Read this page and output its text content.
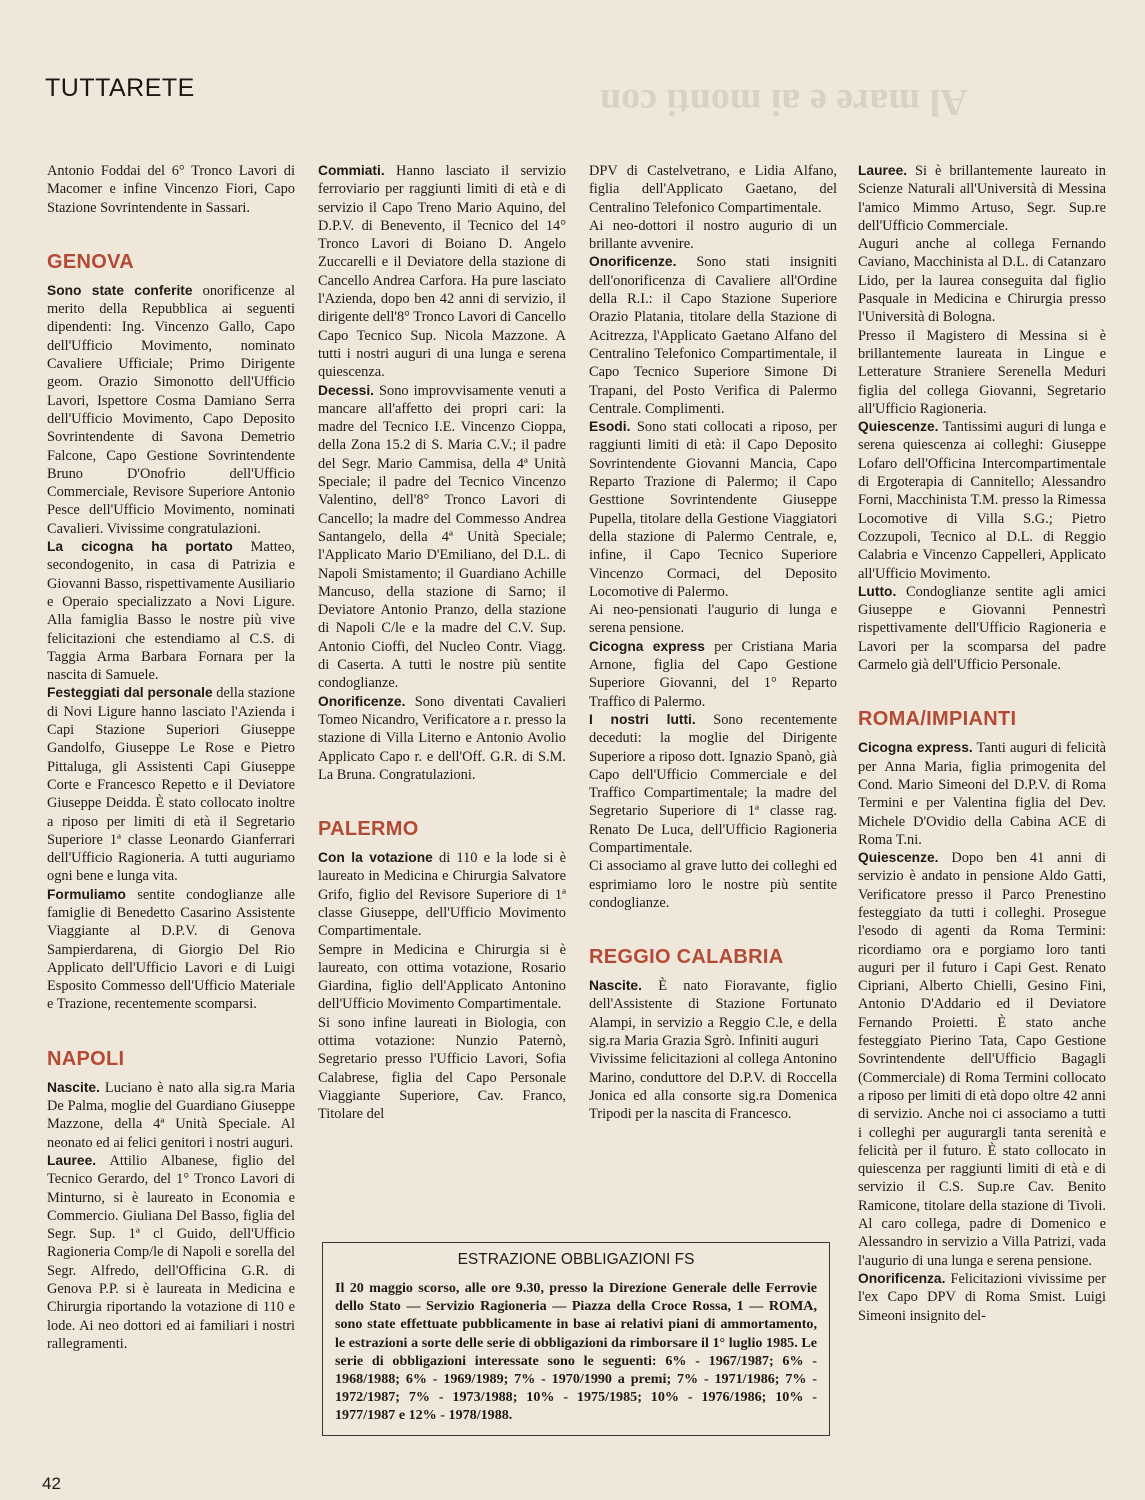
Al mare e ai monti con
TUTTARETE

Antonio Foddai del 6° Tronco Lavori di Macomer e infine Vincenzo Fiori, Capo Stazione Sovrintendente in Sassari.

GENOVA

Sono state conferite onorificenze al merito della Repubblica ai seguenti dipendenti: Ing. Vincenzo Gallo, Capo dell'Ufficio Movimento, nominato Cavaliere Ufficiale; Primo Dirigente geom. Orazio Simonotto dell'Ufficio Lavori, Ispettore Cosma Damiano Serra dell'Ufficio Movimento, Capo Deposito Sovrintendente di Savona Demetrio Falcone, Capo Gestione Sovrintendente Bruno D'Onofrio dell'Ufficio Commerciale, Revisore Superiore Antonio Pesce dell'Ufficio Movimento, nominati Cavalieri. Vivissime congratulazioni.

La cicogna ha portato Matteo, secondogenito, in casa di Patrizia e Giovanni Basso, rispettivamente Ausiliario e Operaio specializzato a Novi Ligure. Alla famiglia Basso le nostre più vive felicitazioni che estendiamo al C.S. di Taggia Arma Barbara Fornara per la nascita di Samuele.

Festeggiati dal personale della stazione di Novi Ligure hanno lasciato l'Azienda i Capi Stazione Superiori Giuseppe Gandolfo, Giuseppe Le Rose e Pietro Pittaluga, gli Assistenti Capi Giuseppe Corte e Francesco Repetto e il Deviatore Giuseppe Deidda. È stato collocato inoltre a riposo per limiti di età il Segretario Superiore 1ª classe Leonardo Gianferrari dell'Ufficio Ragioneria. A tutti auguriamo ogni bene e lunga vita.

Formuliamo sentite condoglianze alle famiglie di Benedetto Casarino Assistente Viaggiante al D.P.V. di Genova Sampierdarena, di Giorgio Del Rio Applicato dell'Ufficio Lavori e di Luigi Esposito Commesso dell'Ufficio Materiale e Trazione, recentemente scomparsi.

NAPOLI

Nascite. Luciano è nato alla sig.ra Maria De Palma, moglie del Guardiano Giuseppe Mazzone, della 4ª Unità Speciale. Al neonato ed ai felici genitori i nostri auguri.

Lauree. Attilio Albanese, figlio del Tecnico Gerardo, del 1° Tronco Lavori di Minturno, si è laureato in Economia e Commercio. Giuliana Del Basso, figlia del Segr. Sup. 1ª cl Guido, dell'Ufficio Ragioneria Comp/le di Napoli e sorella del Segr. Alfredo, dell'Officina G.R. di Genova P.P. si è laureata in Medicina e Chirurgia riportando la votazione di 110 e lode. Ai neo dottori ed ai familiari i nostri rallegramenti.

Commiati. Hanno lasciato il servizio ferroviario per raggiunti limiti di età e di servizio il Capo Treno Mario Aquino, del D.P.V. di Benevento, il Tecnico del 14° Tronco Lavori di Boiano D. Angelo Zuccarelli e il Deviatore della stazione di Cancello Andrea Carfora. Ha pure lasciato l'Azienda, dopo ben 42 anni di servizio, il dirigente dell'8° Tronco Lavori di Cancello Capo Tecnico Sup. Nicola Mazzone. A tutti i nostri auguri di una lunga e serena quiescenza.

Decessi. Sono improvvisamente venuti a mancare all'affetto dei propri cari: la madre del Tecnico I.E. Vincenzo Cioppa, della Zona 15.2 di S. Maria C.V.; il padre del Segr. Mario Cammisa, della 4ª Unità Speciale; il padre del Tecnico Vincenzo Valentino, dell'8° Tronco Lavori di Cancello; la madre del Commesso Andrea Santangelo, della 4ª Unità Speciale; l'Applicato Mario D'Emiliano, del D.L. di Napoli Smistamento; il Guardiano Achille Mancuso, della stazione di Sarno; il Deviatore Antonio Pranzo, della stazione di Napoli C/le e la madre del C.V. Sup. Antonio Cioffi, del Nucleo Contr. Viagg. di Caserta. A tutti le nostre più sentite condoglianze.

Onorificenze. Sono diventati Cavalieri Tomeo Nicandro, Verificatore a r. presso la stazione di Villa Literno e Antonio Avolio Applicato Capo r. e dell'Off. G.R. di S.M. La Bruna. Congratulazioni.

PALERMO

Con la votazione di 110 e la lode si è laureato in Medicina e Chirurgia Salvatore Grifo, figlio del Revisore Superiore di 1ª classe Giuseppe, dell'Ufficio Movimento Compartimentale.

Sempre in Medicina e Chirurgia si è laureato, con ottima votazione, Rosario Giardina, figlio dell'Applicato Antonino dell'Ufficio Movimento Compartimentale.

Si sono infine laureati in Biologia, con ottima votazione: Nunzio Paternò, Segretario presso l'Ufficio Lavori, Sofia Calabrese, figlia del Capo Personale Viaggiante Superiore, Cav. Franco, Titolare del

DPV di Castelvetrano, e Lidia Alfano, figlia dell'Applicato Gaetano, del Centralino Telefonico Compartimentale.

Ai neo-dottori il nostro augurio di un brillante avvenire.

Onorificenze. Sono stati insigniti dell'onorificenza di Cavaliere all'Ordine della R.I.: il Capo Stazione Superiore Orazio Platania, titolare della Stazione di Acitrezza, l'Applicato Gaetano Alfano del Centralino Telefonico Compartimentale, il Capo Tecnico Superiore Simone Di Trapani, del Posto Verifica di Palermo Centrale. Complimenti.

Esodi. Sono stati collocati a riposo, per raggiunti limiti di età: il Capo Deposito Sovrintendente Giovanni Mancia, Capo Reparto Trazione di Palermo; il Capo Gesttione Sovrintendente Giuseppe Pupella, titolare della Gestione Viaggiatori della stazione di Palermo Centrale, e, infine, il Capo Tecnico Superiore Vincenzo Cormaci, del Deposito Locomotive di Palermo.

Ai neo-pensionati l'augurio di lunga e serena pensione.

Cicogna express per Cristiana Maria Arnone, figlia del Capo Gestione Superiore Giovanni, del 1° Reparto Traffico di Palermo.

I nostri lutti. Sono recentemente deceduti: la moglie del Dirigente Superiore a riposo dott. Ignazio Spanò, già Capo dell'Ufficio Commerciale e del Traffico Compartimentale; la madre del Segretario Superiore di 1ª classe rag. Renato De Luca, dell'Ufficio Ragioneria Compartimentale.

Ci associamo al grave lutto dei colleghi ed esprimiamo loro le nostre più sentite condoglianze.

REGGIO CALABRIA

Nascite. È nato Fioravante, figlio dell'Assistente di Stazione Fortunato Alampi, in servizio a Reggio C.le, e della sig.ra Maria Grazia Sgrò. Infiniti auguri

Vivissime felicitazioni al collega Antonino Marino, conduttore del D.P.V. di Roccella Jonica ed alla consorte sig.ra Domenica Tripodi per la nascita di Francesco.

Lauree. Si è brillantemente laureato in Scienze Naturali all'Università di Messina l'amico Mimmo Artuso, Segr. Sup.re dell'Ufficio Commerciale.

Auguri anche al collega Fernando Caviano, Macchinista al D.L. di Catanzaro Lido, per la laurea conseguita dal figlio Pasquale in Medicina e Chirurgia presso l'Università di Bologna.

Presso il Magistero di Messina si è brillantemente laureata in Lingue e Letterature Straniere Serenella Meduri figlia del collega Giovanni, Segretario all'Ufficio Ragioneria.

Quiescenze. Tantissimi auguri di lunga e serena quiescenza ai colleghi: Giuseppe Lofaro dell'Officina Intercompartimentale di Ergoterapia di Cannitello; Alessandro Forni, Macchinista T.M. presso la Rimessa Locomotive di Villa S.G.; Pietro Cozzupoli, Tecnico al D.L. di Reggio Calabria e Vincenzo Cappelleri, Applicato all'Ufficio Movimento.

Lutto. Condoglianze sentite agli amici Giuseppe e Giovanni Pennestrì rispettivamente dell'Ufficio Ragioneria e Lavori per la scomparsa del padre Carmelo già dell'Ufficio Personale.

ROMA/IMPIANTI

Cicogna express. Tanti auguri di felicità per Anna Maria, figlia primogenita del Cond. Mario Simeoni del D.P.V. di Roma Termini e per Valentina figlia del Dev. Michele D'Ovidio della Cabina ACE di Roma T.ni.

Quiescenze. Dopo ben 41 anni di servizio è andato in pensione Aldo Gatti, Verificatore presso il Parco Prenestino festeggiato da tutti i colleghi. Prosegue l'esodo di agenti da Roma Termini: ricordiamo ora e porgiamo loro tanti auguri per il futuro i Capi Gest. Renato Cipriani, Alberto Chielli, Gesino Fini, Antonio D'Addario ed il Deviatore Fernando Proietti. È stato anche festeggiato Pierino Tata, Capo Gestione Sovrintendente dell'Ufficio Bagagli (Commerciale) di Roma Termini collocato a riposo per limiti di età dopo oltre 42 anni di servizio. Anche noi ci associamo a tutti i colleghi per augurargli tanta serenità e felicità per il futuro. È stato collocato in quiescenza per raggiunti limiti di età e di servizio il C.S. Sup.re Cav. Benito Ramicone, titolare della stazione di Tivoli. Al caro collega, padre di Domenico e Alessandro in servizio a Villa Patrizi, vada l'augurio di una lunga e serena pensione.

Onorificenza. Felicitazioni vivissime per l'ex Capo DPV di Roma Smist. Luigi Simeoni insignito del-

ESTRAZIONE OBBLIGAZIONI FS
Il 20 maggio scorso, alle ore 9.30, presso la Direzione Generale delle Ferrovie dello Stato — Servizio Ragioneria — Piazza della Croce Rossa, 1 — ROMA, sono state effettuate pubblicamente in base ai relativi piani di ammortamento, le estrazioni a sorte delle serie di obbligazioni da rimborsare il 1° luglio 1985. Le serie di obbligazioni interessate sono le seguenti: 6% - 1967/1987; 6% - 1968/1988; 6% - 1969/1989; 7% - 1970/1990 a premi; 7% - 1971/1986; 7% - 1972/1987; 7% - 1973/1988; 10% - 1975/1985; 10% - 1976/1986; 10% - 1977/1987 e 12% - 1978/1988.
42
